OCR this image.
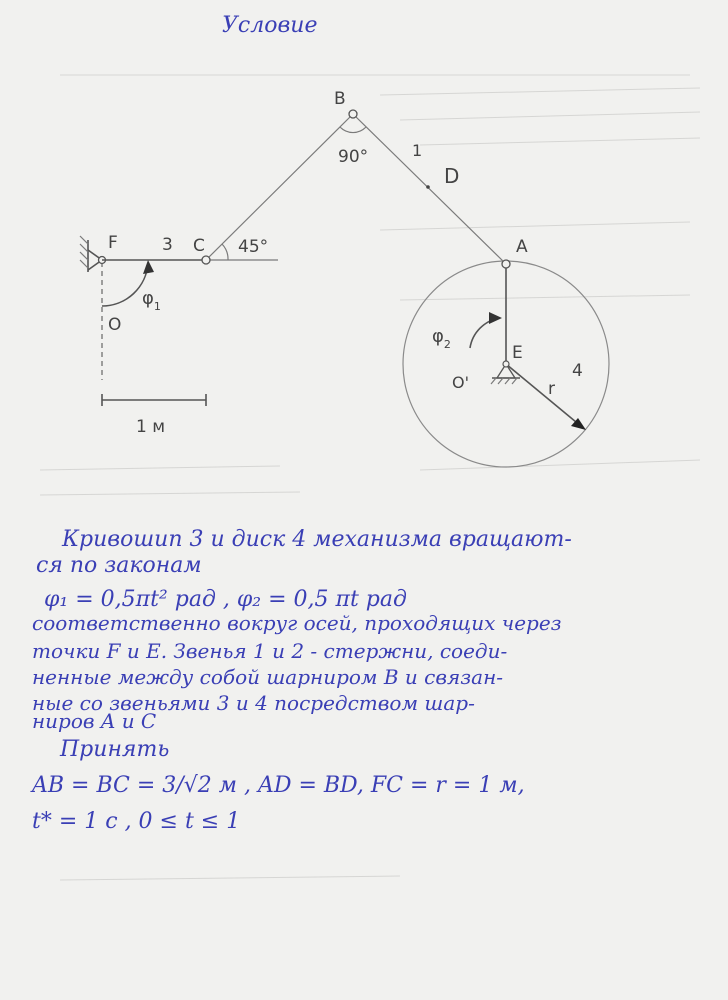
Условие
B
90°	1
D
F	3 C 45°
O
$\varphi_1$
A
$\varphi_2$	E
O'	r
4
1 м
Кривошип 3 и диск 4 механизма вращают-
ся по законам
φ₁ = 0,5πt² рад , φ₂ = 0,5 πt рад
соответственно вокруг осей, проходящих через
точки F и E. Звенья 1 и 2 - стержни, соеди-
ненные между собой шарниром B и связан-
ные со звеньями 3 и 4 посредством шар-
ниров A и C
Принять
AB = BC = 3/√2 м , AD = BD, FC = r = 1 м,
t* = 1 c , 0 ≤ t ≤ 1
